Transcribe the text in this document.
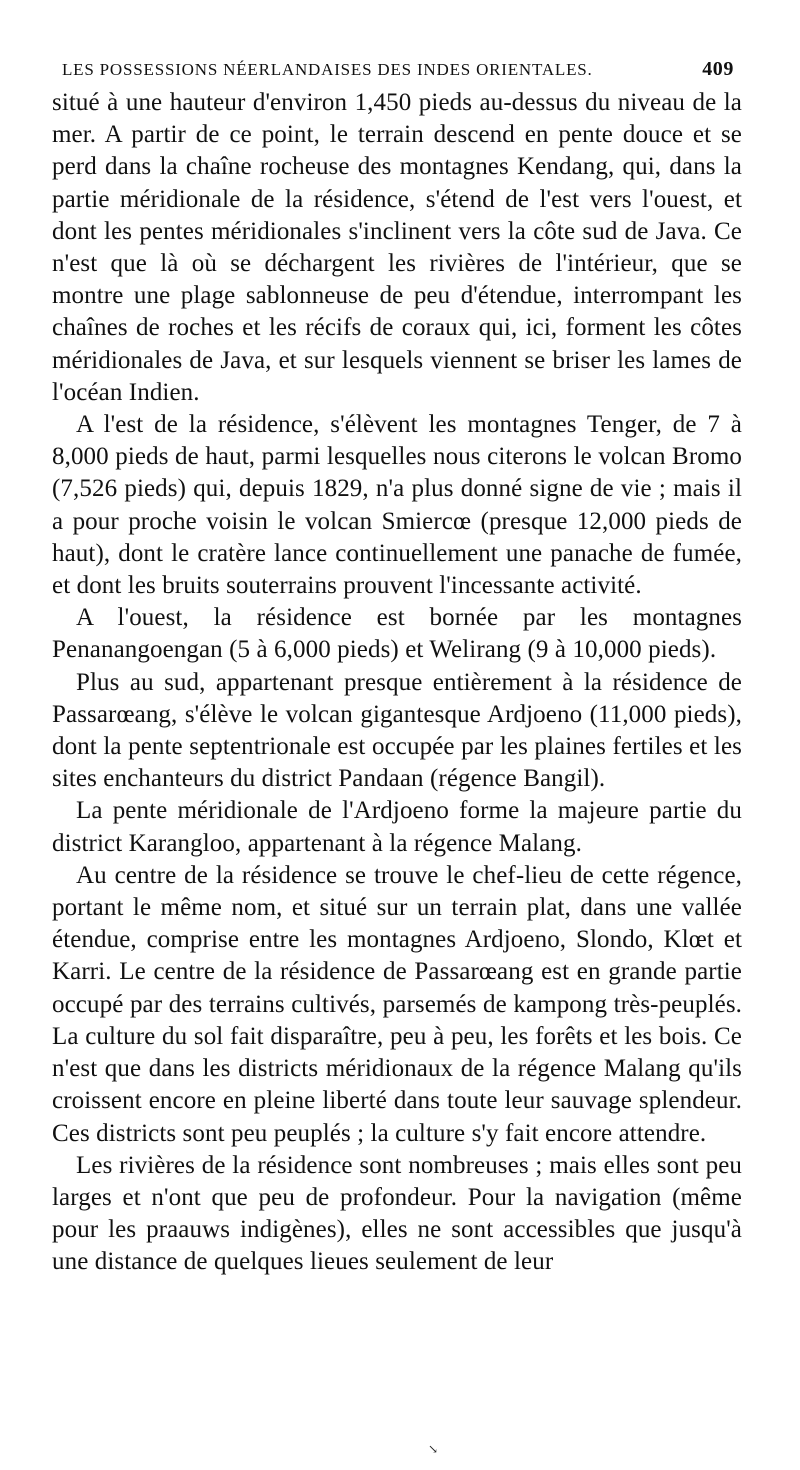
LES POSSESSIONS NÉERLANDAISES DES INDES ORIENTALES.	409

situé à une hauteur d'environ 1,450 pieds au-dessus du niveau de la mer. A partir de ce point, le terrain descend en pente douce et se perd dans la chaîne rocheuse des montagnes Kendang, qui, dans la partie méridionale de la résidence, s'étend de l'est vers l'ouest, et dont les pentes méridionales s'inclinent vers la côte sud de Java. Ce n'est que là où se déchargent les rivières de l'intérieur, que se montre une plage sablonneuse de peu d'étendue, interrompant les chaînes de roches et les récifs de coraux qui, ici, forment les côtes méridionales de Java, et sur lesquels viennent se briser les lames de l'océan Indien.

A l'est de la résidence, s'élèvent les montagnes Tenger, de 7 à 8,000 pieds de haut, parmi lesquelles nous citerons le volcan Bromo (7,526 pieds) qui, depuis 1829, n'a plus donné signe de vie ; mais il a pour proche voisin le volcan Smiercœ (presque 12,000 pieds de haut), dont le cratère lance continuellement une panache de fumée, et dont les bruits souterrains prouvent l'incessante activité.

A l'ouest, la résidence est bornée par les montagnes Penanangoengan (5 à 6,000 pieds) et Welirang (9 à 10,000 pieds).

Plus au sud, appartenant presque entièrement à la résidence de Passarœang, s'élève le volcan gigantesque Ardjoeno (11,000 pieds), dont la pente septentrionale est occupée par les plaines fertiles et les sites enchanteurs du district Pandaan (régence Bangil).

La pente méridionale de l'Ardjoeno forme la majeure partie du district Karangloo, appartenant à la régence Malang.

Au centre de la résidence se trouve le chef-lieu de cette régence, portant le même nom, et situé sur un terrain plat, dans une vallée étendue, comprise entre les montagnes Ardjoeno, Slondo, Klœt et Karri. Le centre de la résidence de Passarœang est en grande partie occupé par des terrains cultivés, parsemés de kampong très-peuplés. La culture du sol fait disparaître, peu à peu, les forêts et les bois. Ce n'est que dans les districts méridionaux de la régence Malang qu'ils croissent encore en pleine liberté dans toute leur sauvage splendeur. Ces districts sont peu peuplés ; la culture s'y fait encore attendre.

Les rivières de la résidence sont nombreuses ; mais elles sont peu larges et n'ont que peu de profondeur. Pour la navigation (même pour les praauws indigènes), elles ne sont accessibles que jusqu'à une distance de quelques lieues seulement de leur

↘
